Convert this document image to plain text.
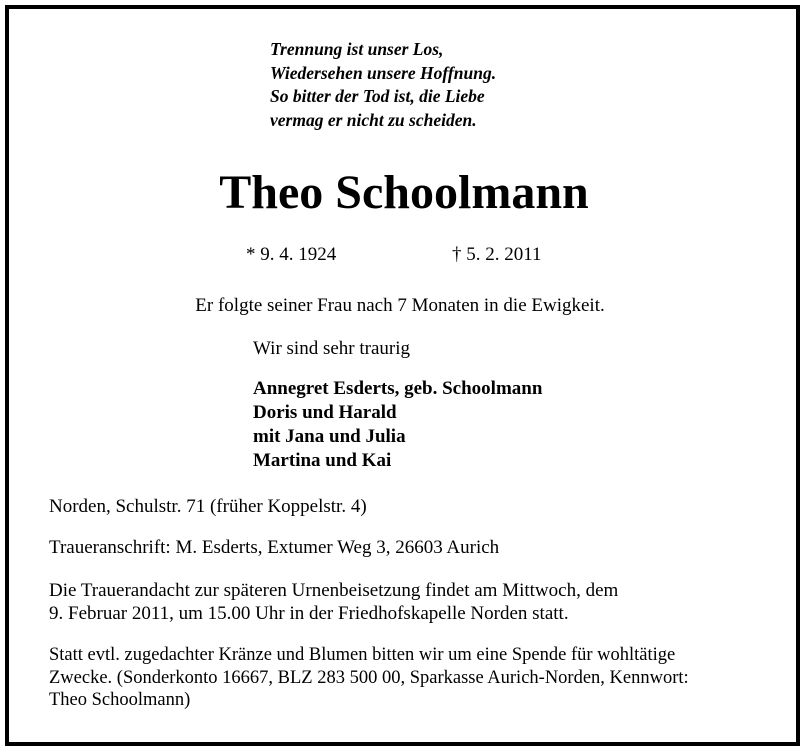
Trennung ist unser Los,
Wiedersehen unsere Hoffnung.
So bitter der Tod ist, die Liebe
vermag er nicht zu scheiden.
Theo Schoolmann
* 9. 4. 1924	† 5. 2. 2011
Er folgte seiner Frau nach 7 Monaten in die Ewigkeit.
Wir sind sehr traurig
Annegret Esderts, geb. Schoolmann
Doris und Harald
mit Jana und Julia
Martina und Kai
Norden, Schulstr. 71 (früher Koppelstr. 4)
Traueranschrift: M. Esderts, Extumer Weg 3, 26603 Aurich
Die Trauerandacht zur späteren Urnenbeisetzung findet am Mittwoch, dem
9. Februar 2011, um 15.00 Uhr in der Friedhofskapelle Norden statt.
Statt evtl. zugedachter Kränze und Blumen bitten wir um eine Spende für wohltätige
Zwecke. (Sonderkonto 16667, BLZ 283 500 00, Sparkasse Aurich-Norden, Kennwort:
Theo Schoolmann)
